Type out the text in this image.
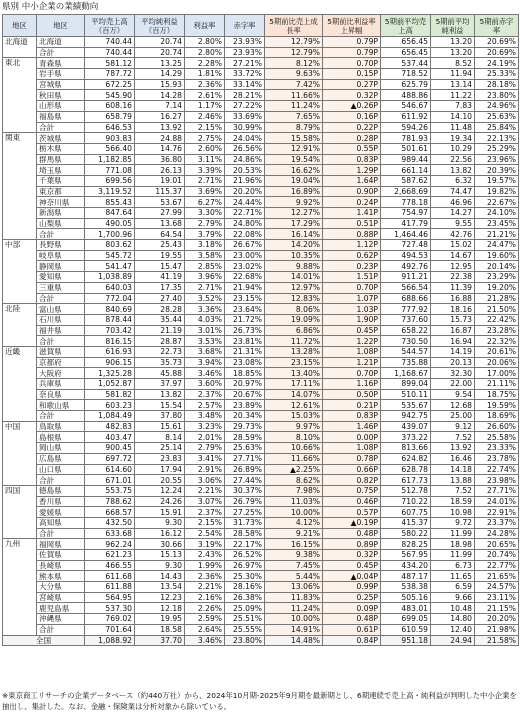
県別 中小企業の業績動向
地区	地区	平均売上高（百万）	平均純利益（百万）	利益率	赤字率	5期前比売上成長率	5期前比利益率上昇幅	5期前平均売上高	5期前平均純利益	5期前赤字率
北海道	北海道	740.44	20.74	2.80%	23.93%	12.79%	0.79P	656.45	13.20	20.69%
	合計	740.44	20.74	2.80%	23.93%	12.79%	0.79P	656.45	13.20	20.69%
東北	青森県	581.12	13.25	2.28%	27.21%	8.12%	0.70P	537.44	8.52	24.19%
	岩手県	787.72	14.29	1.81%	33.72%	9.63%	0.15P	718.52	11.94	25.33%
	宮城県	672.25	15.93	2.36%	33.14%	7.42%	0.27P	625.79	13.14	28.18%
	秋田県	545.90	14.28	2.61%	28.21%	11.66%	0.32P	488.86	11.22	23.80%
	山形県	608.16	7.14	1.17%	27.22%	11.24%	▲0.26P	546.67	7.83	24.96%
	福島県	658.79	16.27	2.46%	33.69%	7.65%	0.16P	611.92	14.10	25.63%
	合計	646.53	13.92	2.15%	30.99%	8.79%	0.22P	594.26	11.48	25.84%
関東	茨城県	903.83	24.88	2.75%	24.04%	15.58%	0.28P	781.93	19.34	22.13%
	栃木県	566.40	14.76	2.60%	26.56%	12.91%	0.55P	501.61	10.29	25.29%
	群馬県	1,182.85	36.80	3.11%	24.86%	19.54%	0.83P	989.44	22.56	23.96%
	埼玉県	771.08	26.13	3.39%	20.53%	16.62%	1.29P	661.14	13.82	20.39%
	千葉県	699.56	19.01	2.71%	21.96%	19.04%	1.64P	587.62	6.32	19.57%
	東京都	3,119.52	115.37	3.69%	20.20%	16.89%	0.90P	2,668.69	74.47	19.82%
	神奈川県	855.43	53.67	6.27%	24.44%	9.92%	0.24P	778.18	46.96	22.67%
	新潟県	847.64	27.99	3.30%	22.71%	12.27%	1.41P	754.97	14.27	24.10%
	山梨県	490.05	13.68	2.79%	24.80%	17.29%	0.51P	417.79	9.55	23.45%
	合計	1,700.96	64.54	3.79%	22.08%	16.14%	0.88P	1,464.46	42.76	21.21%
中部	長野県	803.62	25.43	3.18%	26.67%	14.20%	1.12P	727.48	15.02	24.47%
	岐阜県	545.72	19.55	3.58%	23.00%	10.35%	0.62P	494.53	14.67	19.60%
	静岡県	541.47	15.47	2.85%	23.02%	9.88%	0.23P	492.76	12.95	20.14%
	愛知県	1,038.89	41.19	3.96%	22.68%	14.01%	1.51P	911.21	22.38	23.29%
	三重県	640.03	17.35	2.71%	21.94%	12.97%	0.70P	566.54	11.39	19.20%
	合計	772.04	27.40	3.52%	23.15%	12.83%	1.07P	688.66	16.88	21.28%
北陸	富山県	840.69	28.28	3.36%	23.64%	8.06%	1.03P	777.92	18.16	21.50%
	石川県	878.44	35.44	4.03%	21.72%	19.09%	1.90P	737.60	15.73	22.42%
	福井県	703.42	21.19	3.01%	26.73%	6.86%	0.45P	658.22	16.87	23.28%
	合計	816.15	28.87	3.53%	23.81%	11.72%	1.22P	730.50	16.94	22.32%
近畿	滋賀県	616.93	22.73	3.68%	21.31%	13.28%	1.08P	544.57	14.19	20.61%
	京都府	906.15	35.73	3.94%	23.08%	23.15%	1.21P	735.88	20.13	20.06%
	大阪府	1,325.28	45.88	3.46%	18.85%	13.40%	0.70P	1,168.67	32.30	17.00%
	兵庫県	1,052.87	37.97	3.60%	20.97%	17.11%	1.16P	899.04	22.00	21.11%
	奈良県	581.82	13.82	2.37%	20.67%	14.07%	0.50P	510.11	9.54	18.75%
	和歌山県	603.23	15.54	2.57%	23.89%	12.61%	0.21P	535.67	12.68	19.59%
	合計	1,084.49	37.80	3.48%	20.34%	15.03%	0.83P	942.75	25.00	18.69%
中国	鳥取県	482.83	15.61	3.23%	29.73%	9.97%	1.46P	439.07	9.12	26.60%
	島根県	403.47	8.14	2.01%	28.59%	8.10%	0.00P	373.22	7.52	25.58%
	岡山県	900.45	25.14	2.79%	25.63%	10.66%	1.08P	813.66	13.92	23.33%
	広島県	697.72	23.83	3.41%	27.71%	11.66%	0.78P	624.82	16.46	23.78%
	山口県	614.60	17.94	2.91%	26.89%	▲2.25%	0.66P	628.78	14.18	22.74%
	合計	671.01	20.55	3.06%	27.44%	8.62%	0.82P	617.73	13.88	23.98%
四国	徳島県	553.75	12.24	2.21%	30.37%	7.98%	0.75P	512.78	7.52	27.71%
	香川県	788.62	24.26	3.07%	26.79%	11.03%	0.46P	710.22	18.59	24.01%
	愛媛県	668.57	15.91	2.37%	27.25%	10.00%	0.57P	607.75	10.98	22.91%
	高知県	432.50	9.30	2.15%	31.73%	4.12%	▲0.19P	415.37	9.72	23.37%
	合計	633.68	16.12	2.54%	28.58%	9.21%	0.48P	580.22	11.99	24.28%
九州	福岡県	962.24	30.66	3.19%	22.17%	16.15%	0.89P	828.25	18.98	20.65%
	佐賀県	621.23	15.13	2.43%	26.52%	9.38%	0.32P	567.95	11.99	20.74%
	長崎県	466.55	9.30	1.99%	26.97%	7.45%	0.45P	434.20	6.73	22.77%
	熊本県	611.68	14.43	2.36%	25.30%	5.44%	▲0.04P	487.17	11.65	21.65%
	大分県	611.88	13.54	2.21%	28.16%	13.06%	0.99P	538.38	6.59	24.57%
	宮崎県	564.95	12.23	2.16%	26.38%	11.83%	0.25P	505.16	9.66	23.11%
	鹿児島県	537.30	12.18	2.26%	25.09%	11.24%	0.09P	483.01	10.48	21.15%
	沖縄県	769.02	19.95	2.59%	25.51%	10.00%	0.48P	699.05	14.80	20.20%
	合計	701.64	18.58	2.64%	25.55%	14.91%	0.61P	610.59	12.40	21.98%
全国		1,088.92	37.70	3.46%	23.80%	14.48%	0.84P	951.18	24.94	21.58%
※東京商工リサーチの企業データベース（約440万社）から、2024年10月期-2025年9月期を最新期とし、6期連続で売上高・純利益が判明した中小企業を抽出し、集計した。なお、金融・保険業は分析対象から除いている。
